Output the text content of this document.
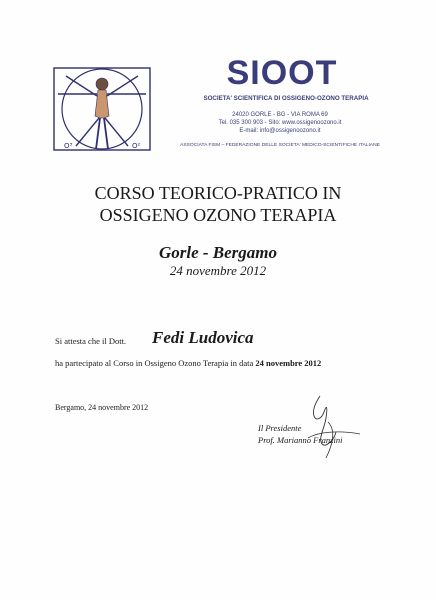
O³	O²
SIOOT
SOCIETA' SCIENTIFICA DI OSSIGENO-OZONO TERAPIA
24020 GORLE - BG - VIA ROMA 69
Tel. 035 300 903 - Sito: www.ossigenoozono.it
E-mail: info@ossigenoozono.it
ASSOCIATA FISM – FEDERAZIONE DELLE SOCIETA' MEDICO-SCIENTIFICHE ITALIANE
CORSO TEORICO-PRATICO IN
OSSIGENO OZONO TERAPIA
Gorle - Bergamo
24 novembre 2012
Si attesta che il Dott. Fedi Ludovica
ha partecipato al Corso in Ossigeno Ozono Terapia in data 24 novembre 2012
Bergamo, 24 novembre 2012
Il Presidente
Prof. Marianno Franzini
